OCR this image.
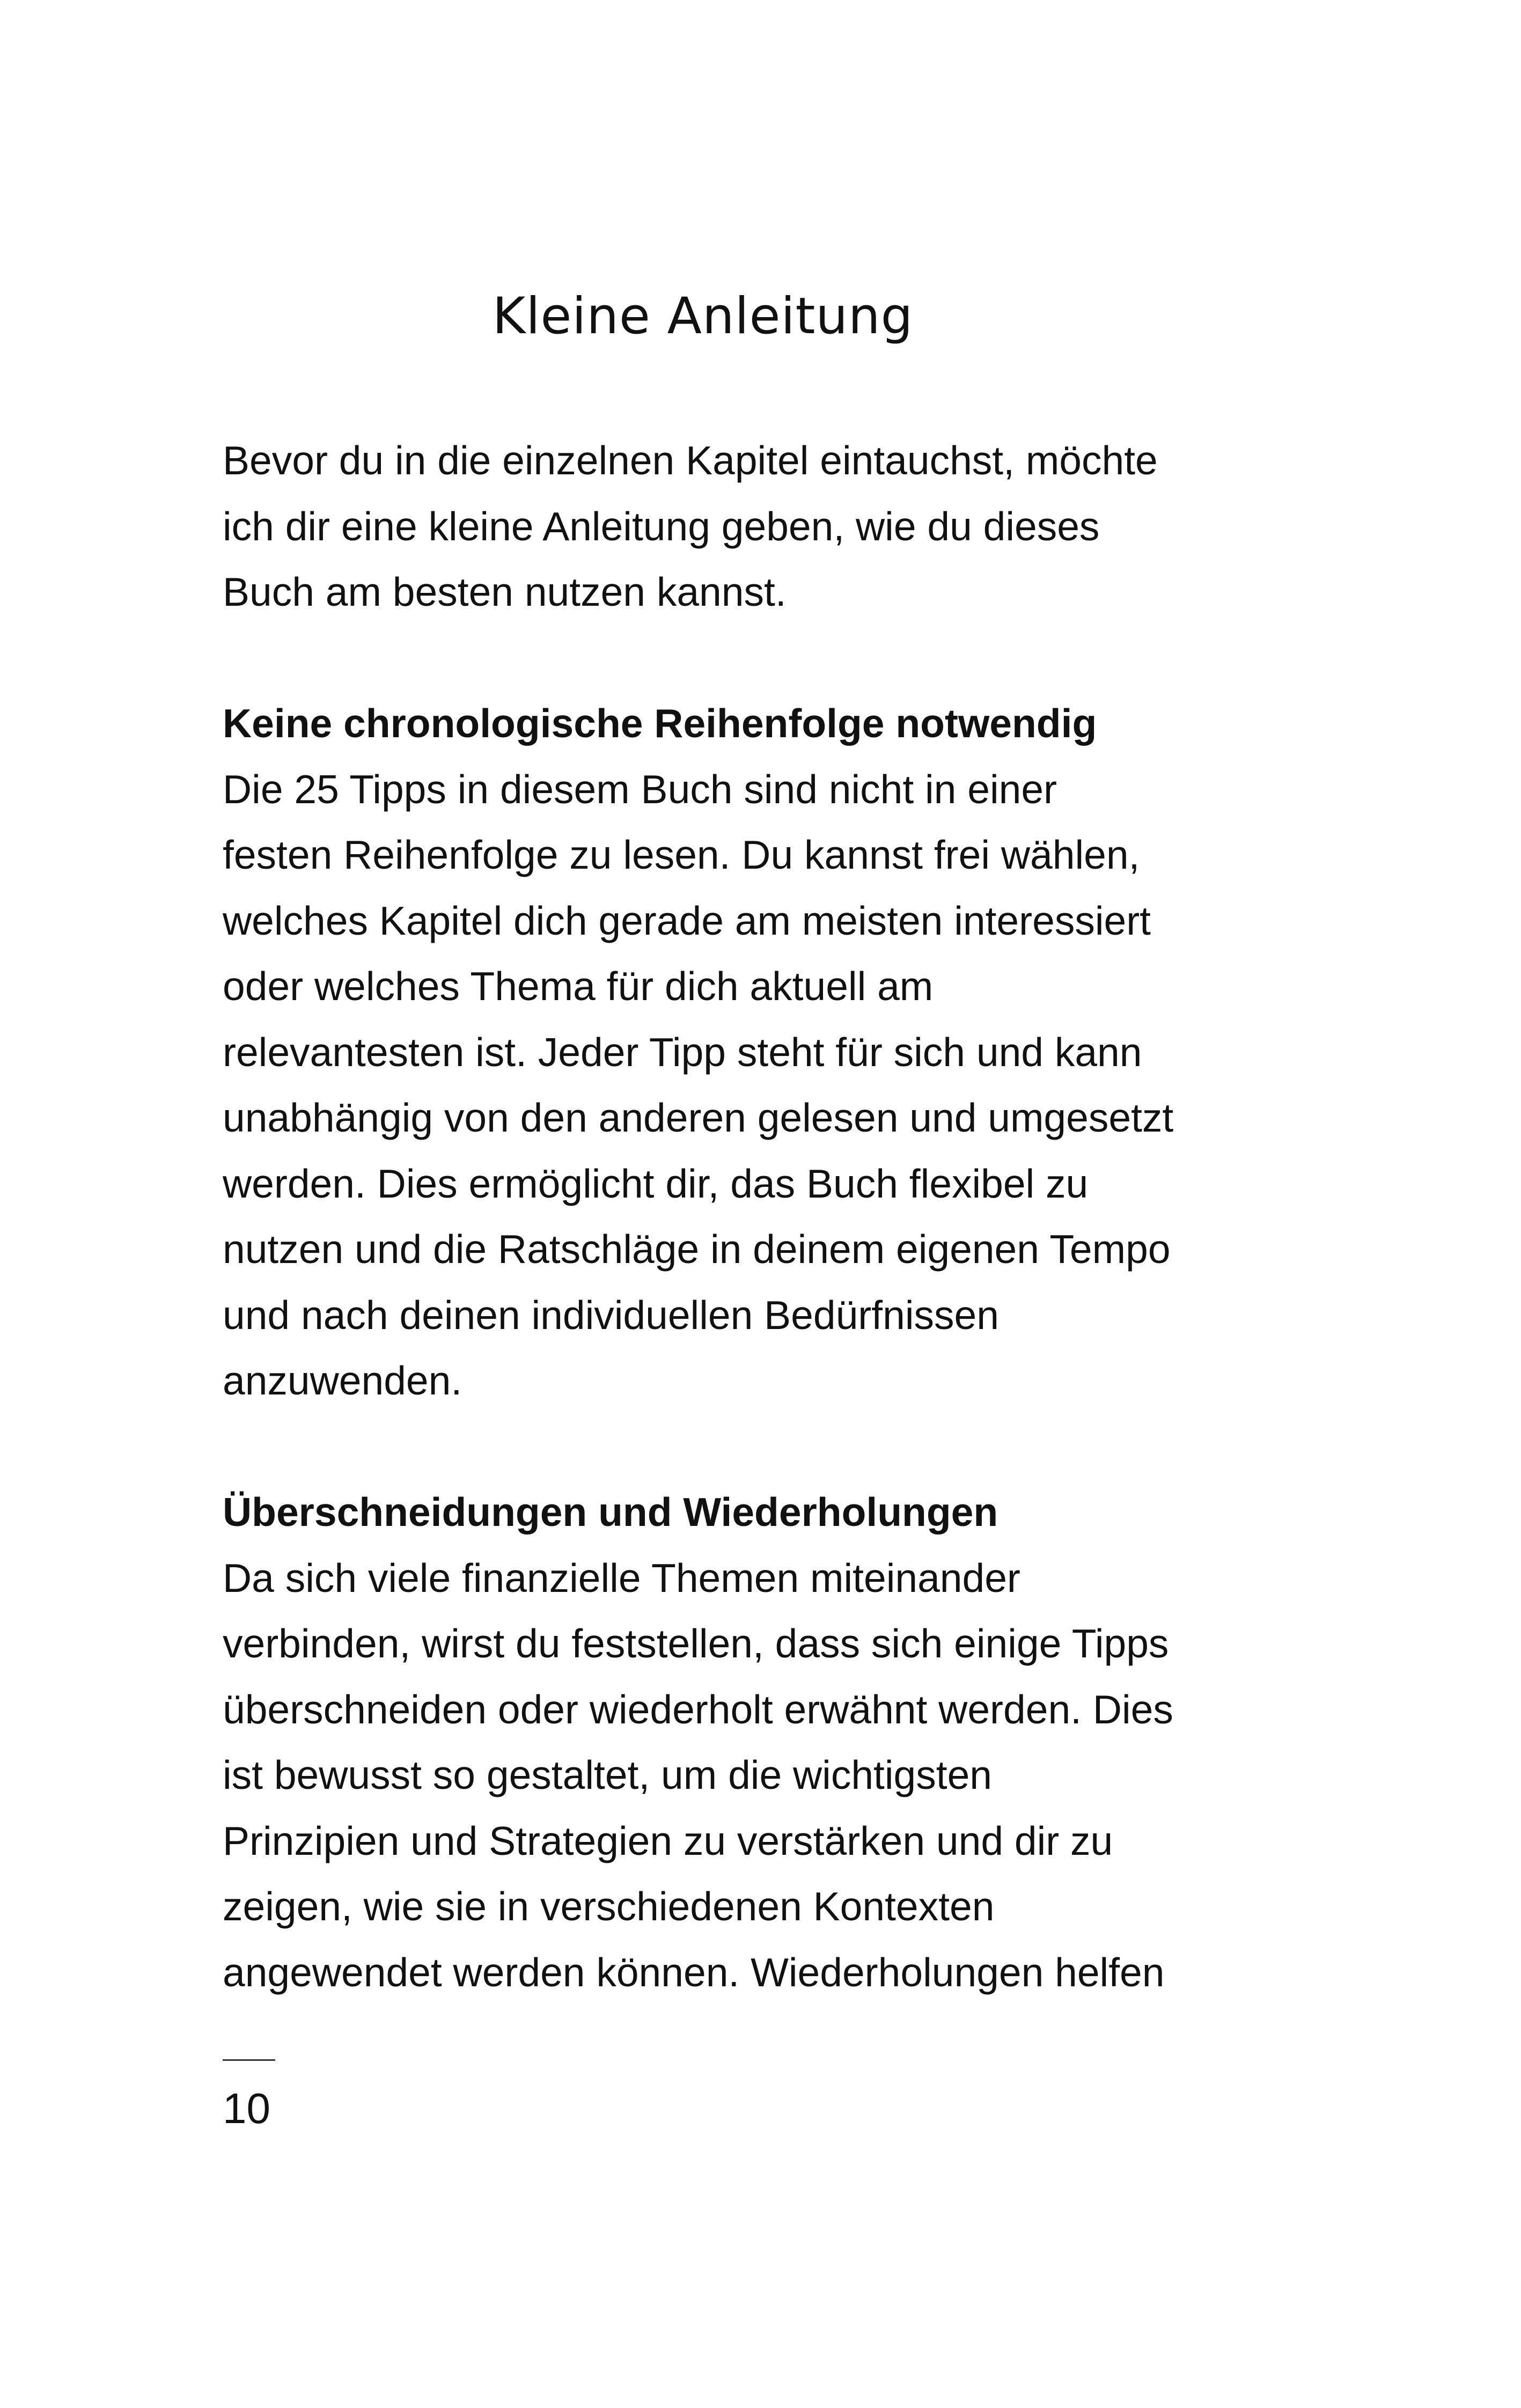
Kleine Anleitung

Bevor du in die einzelnen Kapitel eintauchst, möchte

ich dir eine kleine Anleitung geben, wie du dieses

Buch am besten nutzen kannst.

Keine chronologische Reihenfolge notwendig

Die 25 Tipps in diesem Buch sind nicht in einer

festen Reihenfolge zu lesen. Du kannst frei wählen,

welches Kapitel dich gerade am meisten interessiert

oder welches Thema für dich aktuell am

relevantesten ist. Jeder Tipp steht für sich und kann

unabhängig von den anderen gelesen und umgesetzt

werden. Dies ermöglicht dir, das Buch flexibel zu

nutzen und die Ratschläge in deinem eigenen Tempo

und nach deinen individuellen Bedürfnissen

anzuwenden.

Überschneidungen und Wiederholungen

Da sich viele finanzielle Themen miteinander

verbinden, wirst du feststellen, dass sich einige Tipps

überschneiden oder wiederholt erwähnt werden. Dies

ist bewusst so gestaltet, um die wichtigsten

Prinzipien und Strategien zu verstärken und dir zu

zeigen, wie sie in verschiedenen Kontexten

angewendet werden können. Wiederholungen helfen

10
